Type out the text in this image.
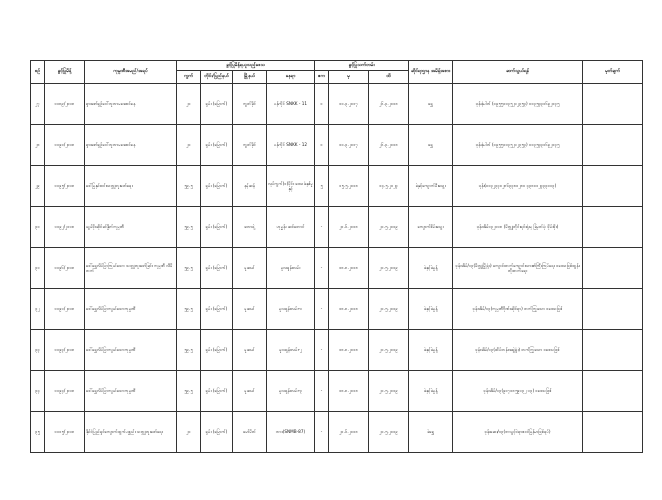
စဉ်	ခွင့်ပြုမိန့်	ကုမ္ပဏီအမည်/အရပ်	ခွင့်ပြုမိန့်ရယူသည့်ဒေသ				ခွင့်ပြုသက်တမ်း			ဆိုင်ရာဌာန အမိန့်အစား	ဆက်သွယ်ရန်	မှတ်ချက်
			ကွက်	တိုင်း/ပြည်နယ်	မြို့နယ်	နေရာ	ဧက	မှ	ထိ			
၂၇	၁၁၈၉/၂၀၁၈	ရှားဇော်ရှဉ်ဒေါ်ဘူတာမအောင်နေ	၂၀	ရှမ်း (မြောက်)	ကွတ်ခိုင်	ပန်ကိုင် SNKK - 11	၁	၁၀.၃.၂၀၁၇	၂၆.၃.၂၀၁၈	ရွှေ	ဖုန်းနံပါတ် (၀၉၅၅၁၁၃၅၂၁၂၃၅၃) ၀၁၃၅၄၃၁၆၉၂၁၃၅	
၂၈	၁၁၉၀/၂၀၁၈	ရှားဇော်ရှဉ်ဒေါ်ဘူတာမအောင်နေ	၂၀	ရှမ်း (မြောက်)	ကွတ်ခိုင်	ပန်ကိုင် SNKK - 12	၁	၁၀.၃.၂၀၁၇	၂၆.၃.၂၀၁၈	ရွှေ	ဖုန်းနံပါတ် (၀၉၅၅၁၁၃၅၂၁၂၃၅၃) ၀၁၃၅၄၃၁၆၉၂၁၃၅	
၂၉	၁၁၉၅/၂၀၁၈	ဒေါ်မြနှင်းဝင်းသတ္တုတူးဖော်ရေး	၅၉.၅	ရှမ်း (မြောက်)	နမ့်ဆန်	လုပ်ကွက်(၁)ပိုင်း ဒေသခံနှစ်မှုနှင့်	၅	၁၅.၅.၂၀၁၈	၁၄.၅.၂၀၂၃	ခဲနှင့်ကျောက်မီးသွေး	ဖုန်း(၀၁၃၂၃၃၀၂၈၆၃၃၈၀၂၈၀ ၄၃၈၀၁၂၃၃၃၀၁၃)	
၃၀	၁၁၉၂/၂၀၁၈	ယွမ်ဖိုးဆိုင်ခင်နှိုက်ကုမ္ပဏီ	၅၉.၅	ရှမ်း (မြောက်)	ဘောရဲ့	ဟုမ္မန်း ဆင်တောင်	-	၂၀.၆.၂၀၁၈	၂၀.၅.၂၀၁၉	ကျောက်စိမ်းသွေး	ဖုန်းအိမ်၁၃၂၀၁၈ (မိတ္တူတိုင်းရင်းရုံးမှ ခြံမှတ်ပုံ၊ ဖိုမ်းဖိုး)	
၃၁	၁၁၉၆/၂၀၁၈	ဒေါ်ရွှေလိပ်ပြာကြယ်သော သတ္တုတူးဖော်ခြင်း ကုမ္ပဏီ လီမိတက်	၅၉.၅	ရှမ်း (မြောက်)	မူဆယ်	မူလရှန်းလမ်း	-	၁၈.၈.၂၀၁၈	၂၀.၅.၂၀၁၉	ခဲနှင့်ခဲမှုန့်	ဖုန်းအိမ်/၁၃(မိတ္တူမြို့ရုံး) ကျောင်းတက်ကျောင်းသား၏ကြီးကြပ်ရေး ဝဒေသဖြစ်ထွန်းတိုးတက်ရေး	
၃၂	၁၁၉၁/၂၀၁၈	ဒေါ်ရွှေလိပ်ပြာကျယ်သောကုမ္ပဏီ	၅၉.၅	ရှမ်း (မြောက်)	မူဆယ်	မူလရှန်းလမ်း-၁	-	၁၈.၈.၂၀၁၈	၂၀.၅.၂၀၁၉	ခဲနှင့်ခဲမှုန့်	ဖုန်းအိမ်/၁၃(ကုမ္ပဏီဂိုဏ်းဆိုင်ရာ) တက်ကြွသော ဝဒေသဖြစ်	
၃၃	၁၁၉၃/၂၀၁၈	ဒေါ်ရွှေလိပ်ပြာကျယ်သောကုမ္ပဏီ	၅၉.၅	ရှမ်း (မြောက်)	မူဆယ်	မူလရှန်းလမ်း-၂	-	၁၈.၈.၂၀၁၈	၂၀.၅.၂၀၁၉	ခဲနှင့်ခဲမှုန့်	ဖုန်းအိမ်/၁၃(ထိပ်တန်းအဖွဲ့ရုံး) တက်ကြွသော ဝဒေသဖြစ်	
၃၄	၁၁၉၄/၂၀၁၈	ဒေါ်ရွှေလိပ်ပြာကျယ်သောကုမ္ပဏီ	၅၉.၅	ရှမ်း (မြောက်)	မူဆယ်	မူလရှန်းလမ်း-၃	-	၁၈.၈.၂၀၁၈	၂၀.၅.၂၀၁၉	ခဲနှင့်ခဲမှုန့်	ဖုန်းအိမ်/၁၃(၉၀၇၀၈၅၉၁၃၂ ၁၃) ဝဒေသဖြစ်	
၃၅	၁၁၀၅/၂၀၁၈	နိုင်ငံပြည်ရှင်ကျောက်ထွက်ပစ္စည်း သတ္တုတူးဖော်ရေး	၂၀	ရှမ်း (မြောက်)	မော်မိတ်	ဘား(SNMB-87)	-	၂၀.၆.၂၀၁၈	၂၀.၅.၂၀၁၉	ခဲရွှေ	ဖုန်းဆေး/၁၃(ဘာပွင့်ဝဲရာဇ၀င်မြန်မာဖြစ်ရပ်)	
